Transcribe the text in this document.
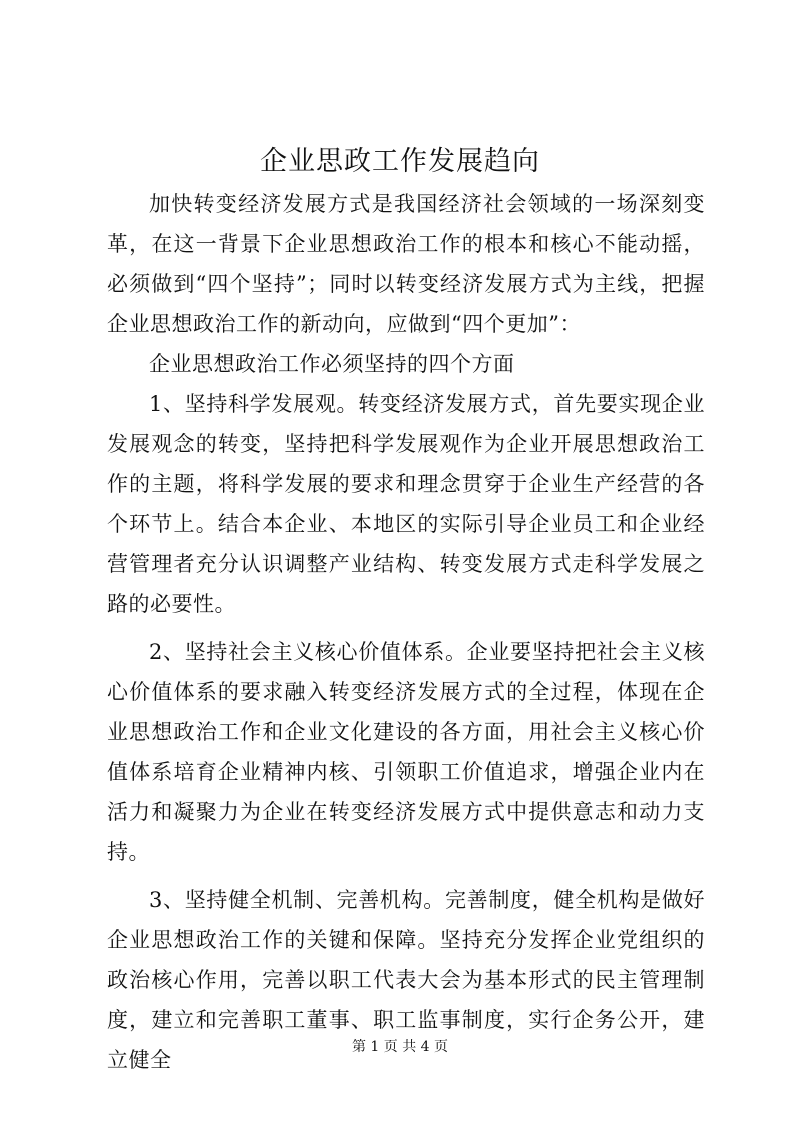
企业思政工作发展趋向

加快转变经济发展方式是我国经济社会领域的一场深刻变革，在这一背景下企业思想政治工作的根本和核心不能动摇，必须做到“四个坚持”；同时以转变经济发展方式为主线，把握企业思想政治工作的新动向，应做到“四个更加”：

企业思想政治工作必须坚持的四个方面

1、坚持科学发展观。转变经济发展方式，首先要实现企业发展观念的转变，坚持把科学发展观作为企业开展思想政治工作的主题，将科学发展的要求和理念贯穿于企业生产经营的各个环节上。结合本企业、本地区的实际引导企业员工和企业经营管理者充分认识调整产业结构、转变发展方式走科学发展之路的必要性。

2、坚持社会主义核心价值体系。企业要坚持把社会主义核心价值体系的要求融入转变经济发展方式的全过程，体现在企业思想政治工作和企业文化建设的各方面，用社会主义核心价值体系培育企业精神内核、引领职工价值追求，增强企业内在活力和凝聚力为企业在转变经济发展方式中提供意志和动力支持。

3、坚持健全机制、完善机构。完善制度，健全机构是做好企业思想政治工作的关键和保障。坚持充分发挥企业党组织的政治核心作用，完善以职工代表大会为基本形式的民主管理制度，建立和完善职工董事、职工监事制度，实行企务公开，建立健全

第 1 页 共 4 页
